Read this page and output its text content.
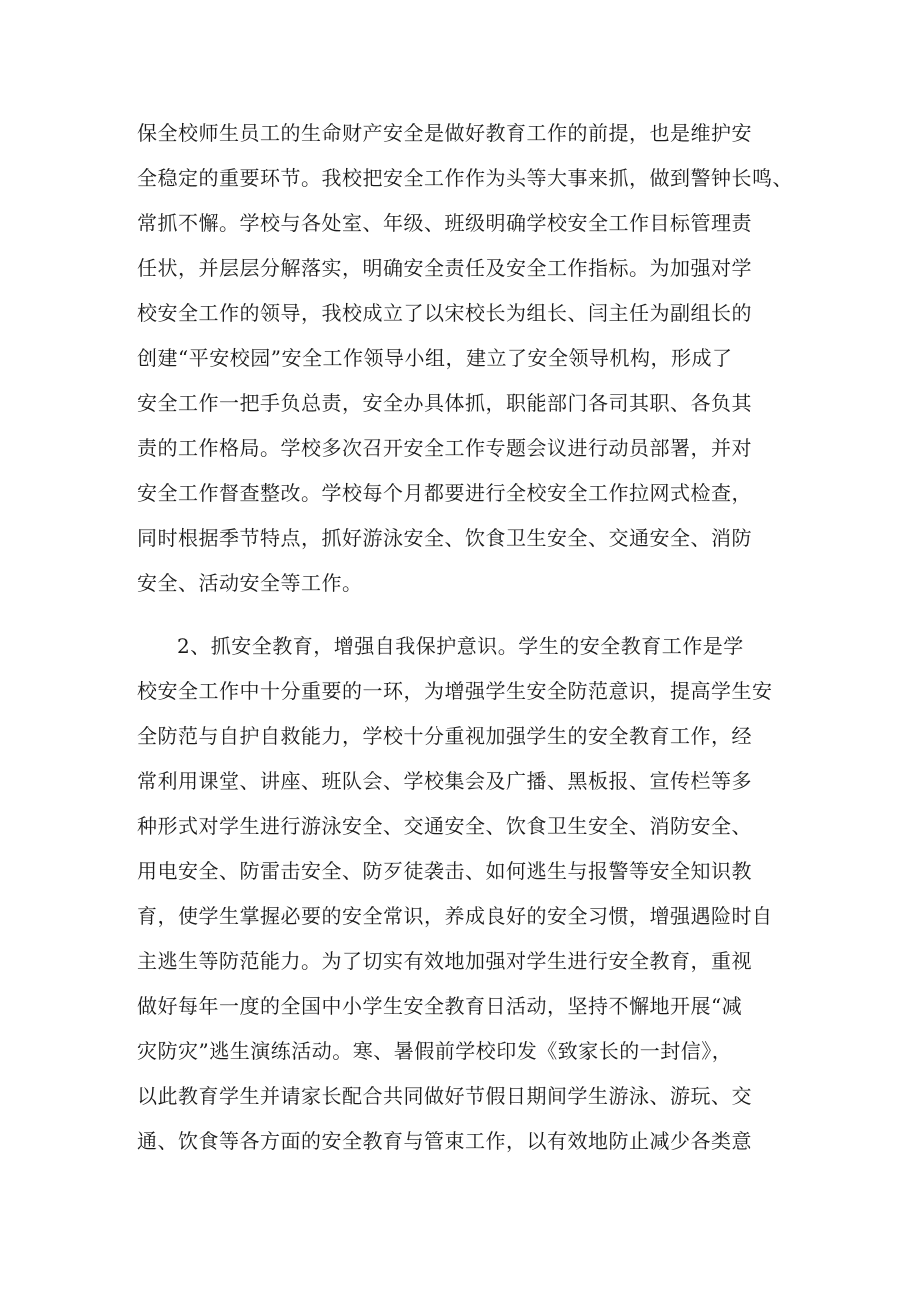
保全校师生员工的生命财产安全是做好教育工作的前提，也是维护安
全稳定的重要环节。我校把安全工作作为头等大事来抓，做到警钟长鸣、
常抓不懈。学校与各处室、年级、班级明确学校安全工作目标管理责
任状，并层层分解落实，明确安全责任及安全工作指标。为加强对学
校安全工作的领导，我校成立了以宋校长为组长、闫主任为副组长的
创建“平安校园”安全工作领导小组，建立了安全领导机构，形成了
安全工作一把手负总责，安全办具体抓，职能部门各司其职、各负其
责的工作格局。学校多次召开安全工作专题会议进行动员部署，并对
安全工作督查整改。学校每个月都要进行全校安全工作拉网式检查，
同时根据季节特点，抓好游泳安全、饮食卫生安全、交通安全、消防
安全、活动安全等工作。
2、抓安全教育，增强自我保护意识。学生的安全教育工作是学
校安全工作中十分重要的一环，为增强学生安全防范意识，提高学生安
全防范与自护自救能力，学校十分重视加强学生的安全教育工作，经
常利用课堂、讲座、班队会、学校集会及广播、黑板报、宣传栏等多
种形式对学生进行游泳安全、交通安全、饮食卫生安全、消防安全、
用电安全、防雷击安全、防歹徒袭击、如何逃生与报警等安全知识教
育，使学生掌握必要的安全常识，养成良好的安全习惯，增强遇险时自
主逃生等防范能力。为了切实有效地加强对学生进行安全教育，重视
做好每年一度的全国中小学生安全教育日活动，坚持不懈地开展“减
灾防灾”逃生演练活动。寒、暑假前学校印发《致家长的一封信》，
以此教育学生并请家长配合共同做好节假日期间学生游泳、游玩、交
通、饮食等各方面的安全教育与管束工作，以有效地防止减少各类意
